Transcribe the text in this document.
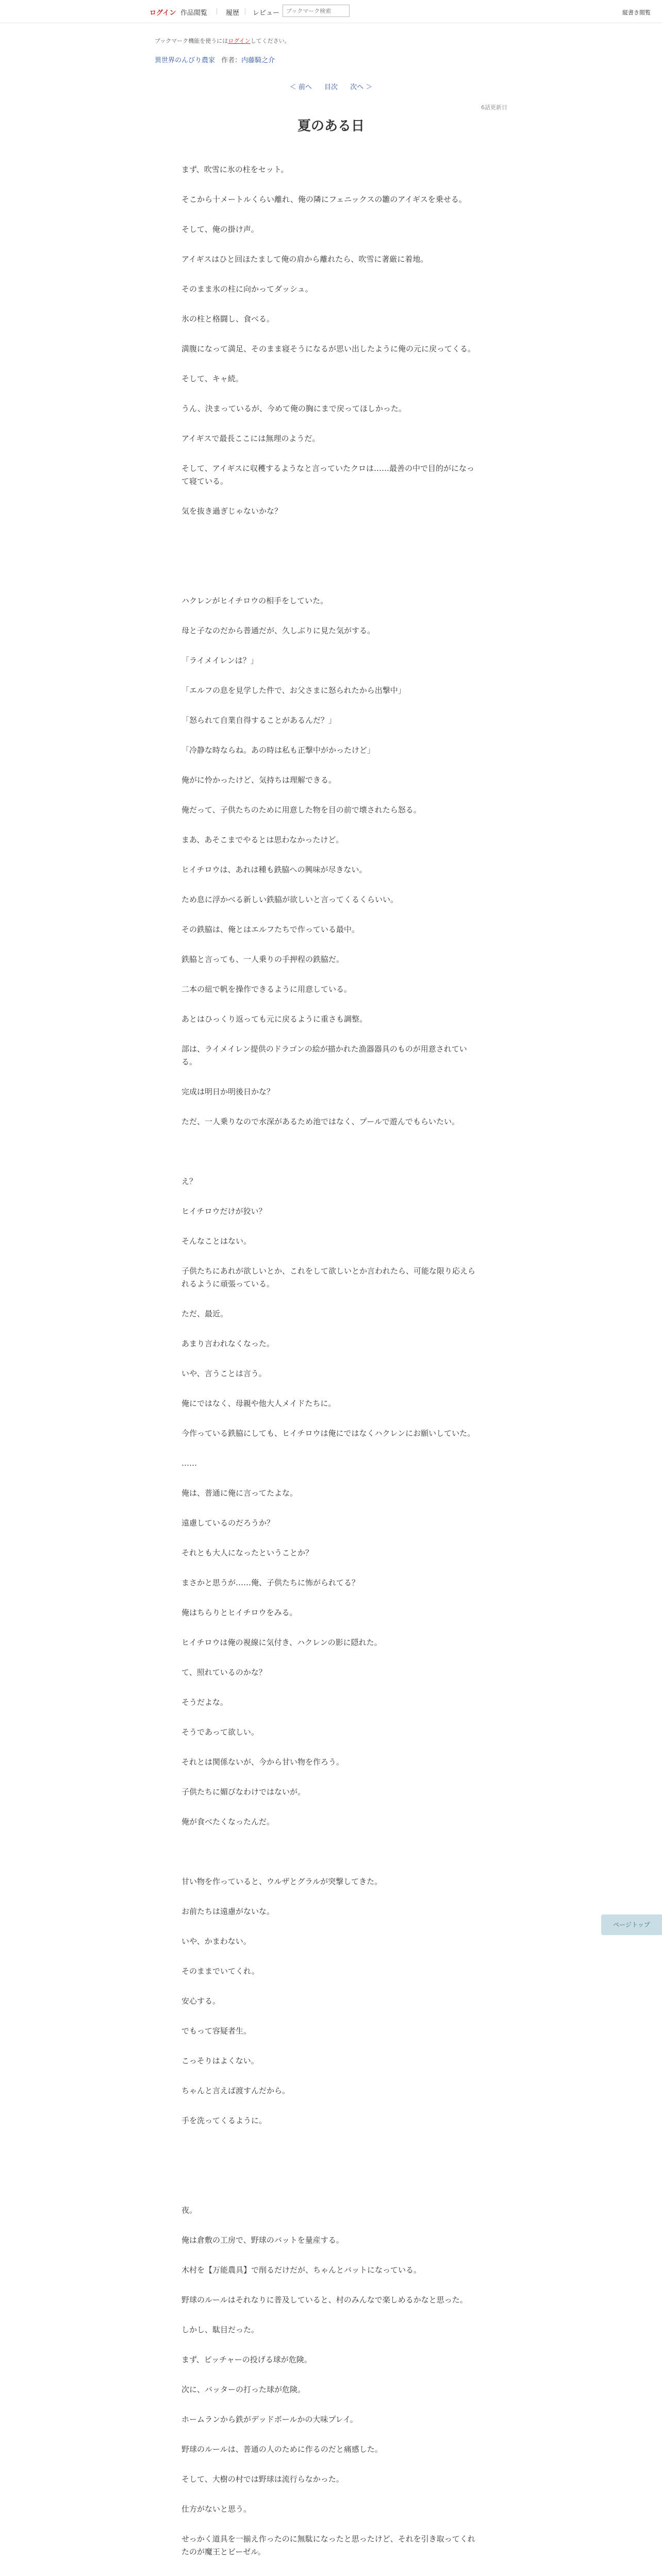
ログイン 作品閲覧	履歴 レビュー
ブックマーク検索	縦書き閲覧
ブックマーク機能を使うにはログインしてください。
異世界のんびり農家 作者：内藤騎之介
＜ 前へ 目次 次へ ＞
6話更新日
夏のある日

まず、吹雪に氷の柱をセット。

そこから十メートルくらい離れ、俺の隣にフェニックスの雛のアイギスを乗せる。

そして、俺の掛け声。

アイギスはひと回ほたまして俺の肩から離れたら、吹雪に著厳に着地。

そのまま氷の柱に向かってダッシュ。

氷の柱と格闘し、食べる。

満腹になって満足、そのまま寝そうになるが思い出したように俺の元に戻ってくる。

そして、キャ続。

うん、決まっているが、今めて俺の胸にまで戻ってほしかった。

アイギスで最長ここには無理のようだ。

そして、アイギスに収穫するようなと言っていたクロは……最善の中で目的がになって寝ている。

気を抜き過ぎじゃないかな？

ハクレンがヒイチロウの相手をしていた。

母と子なのだから普通だが、久しぶりに見た気がする。

「ライメイレンは？」

「エルフの息を見学した件で、お父さまに怒られたから出撃中」

「怒られて自業自得することがあるんだ？」

「冷静な時ならね。あの時は私も正撃中がかったけど」

俺がに怜かったけど、気持ちは理解できる。

俺だって、子供たちのために用意した物を目の前で壊されたら怒る。

まあ、あそこまでやるとは思わなかったけど。

ヒイチロウは、あれは種も鉄脇への興味が尽きない。

ため息に浮かべる新しい鉄脇が欲しいと言ってくるくらいい。

その鉄脇は、俺とはエルフたちで作っている最中。

鉄脇と言っても、一人乗りの手押程の鉄脇だ。

二本の紐で帆を操作できるように用意している。

あとはひっくり返っても元に戻るように重さも調整。

部は、ライメイレン提供のドラゴンの絵が描かれた漁器器具のものが用意されている。

完成は明日か明後日かな？

ただ、一人乗りなので水深があるため池ではなく、プールで遊んでもらいたい。

え？

ヒイチロウだけが狡い？

そんなことはない。

子供たちにあれが欲しいとか、これをして欲しいとか言われたら、可能な限り応えられるように頑張っている。

ただ、最近。

あまり言われなくなった。

いや、言うことは言う。

俺にではなく、母親や他大人メイドたちに。

今作っている鉄脇にしても、ヒイチロウは俺にではなくハクレンにお願いしていた。

……

俺は、普通に俺に言ってたよな。

遠慮しているのだろうか？

それとも大人になったということか？

まさかと思うが……俺、子供たちに怖がられてる？

俺はちらりとヒイチロウをみる。

ヒイチロウは俺の視線に気付き、ハクレンの影に隠れた。

て、照れているのかな？

そうだよな。

そうであって欲しい。

それとは関係ないが、今から甘い物を作ろう。

子供たちに媚びなわけではないが。

俺が食べたくなったんだ。

甘い物を作っていると、ウルザとグラルが突撃してきた。

お前たちは遠慮がないな。

いや、かまわない。

そのままでいてくれ。

安心する。

でもって容疑者生。

こっそりはよくない。

ちゃんと言えば渡すんだから。

手を洗ってくるように。

夜。

俺は倉敷の工房で、野球のバットを量産する。

木村を【万能農具】で削るだけだが、ちゃんとバットになっている。

野球のルールはそれなりに普及していると、村のみんなで楽しめるかなと思った。

しかし、駄目だった。

まず、ピッチャーの投げる球が危険。

次に、バッターの打った球が危険。

ホームランから鉄がデッドボールかの大味プレイ。

野球のルールは、普通の人のために作るのだと痛感した。

そして、大樹の村では野球は流行らなかった。

仕方がないと思う。

せっかく道具を一揃え作ったのに無駄になったと思ったけど、それを引き取ってくれたのが魔王とビーゼル。

ページトップ
